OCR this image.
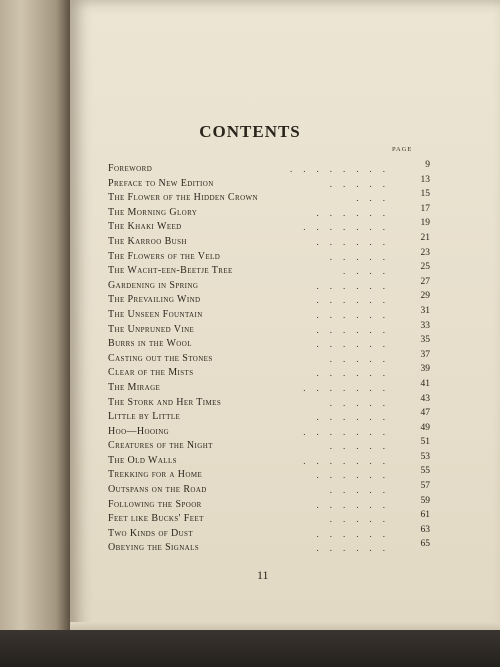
CONTENTS
PAGE
Foreword	........	9
Preface to New Edition	.....	13
The Flower of the Hidden Crown	...	15
The Morning Glory	......	17
The Khaki Weed	.......	19
The Karroo Bush	......	21
The Flowers of the Veld	.....	23
The Wacht-een-Beetje Tree	....	25
Gardening in Spring	......	27
The Prevailing Wind	......	29
The Unseen Fountain	......	31
The Unpruned Vine	......	33
Burrs in the Wool	......	35
Casting out the Stones	.....	37
Clear of the Mists	......	39
The Mirage	.......	41
The Stork and Her Times	.....	43
Little by Little	......	47
Hoo—Hooing	.......	49
Creatures of the Night	.....	51
The Old Walls	.......	53
Trekking for a Home	......	55
Outspans on the Road	.....	57
Following the Spoor	......	59
Feet like Bucks' Feet	.....	61
Two Kinds of Dust	......	63
Obeying the Signals	......	65
11
